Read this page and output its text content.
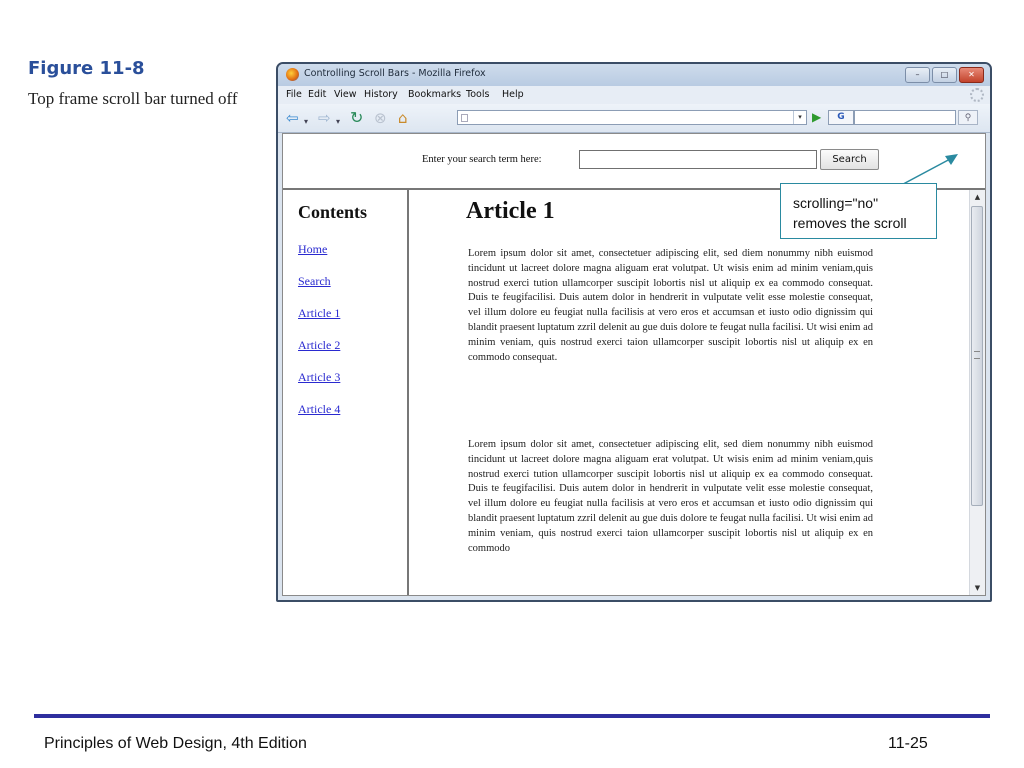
Figure 11-8
Top frame scroll bar turned off
Controlling Scroll Bars - Mozilla Firefox	–	□	✕
File Edit View History Bookmarks Tools Help
⇦ ▾ ⇨ ▾ ↻ ⊗ ⌂	▾ ▶	G	⚲
Enter your search term here:	Search
Contents
Home
Search
Article 1
Article 2
Article 3
Article 4
Article 1

Lorem ipsum dolor sit amet, consectetuer adipiscing elit, sed diem nonummy nibh euismod tincidunt ut lacreet dolore magna aliguam erat volutpat. Ut wisis enim ad minim veniam,quis nostrud exerci tution ullamcorper suscipit lobortis nisl ut aliquip ex ea commodo consequat. Duis te feugifacilisi. Duis autem dolor in hendrerit in vulputate velit esse molestie consequat, vel illum dolore eu feugiat nulla facilisis at vero eros et accumsan et iusto odio dignissim qui blandit praesent luptatum zzril delenit au gue duis dolore te feugat nulla facilisi. Ut wisi enim ad minim veniam, quis nostrud exerci taion ullamcorper suscipit lobortis nisl ut aliquip ex en commodo consequat.

Lorem ipsum dolor sit amet, consectetuer adipiscing elit, sed diem nonummy nibh euismod tincidunt ut lacreet dolore magna aliguam erat volutpat. Ut wisis enim ad minim veniam,quis nostrud exerci tution ullamcorper suscipit lobortis nisl ut aliquip ex ea commodo consequat. Duis te feugifacilisi. Duis autem dolor in hendrerit in vulputate velit esse molestie consequat, vel illum dolore eu feugiat nulla facilisis at vero eros et accumsan et iusto odio dignissim qui blandit praesent luptatum zzril delenit au gue duis dolore te feugat nulla facilisi. Ut wisi enim ad minim veniam, quis nostrud exerci taion ullamcorper suscipit lobortis nisl ut aliquip ex en commodo

▲
▼
scrolling="no"
removes the scroll
Principles of Web Design, 4th Edition	11-25
